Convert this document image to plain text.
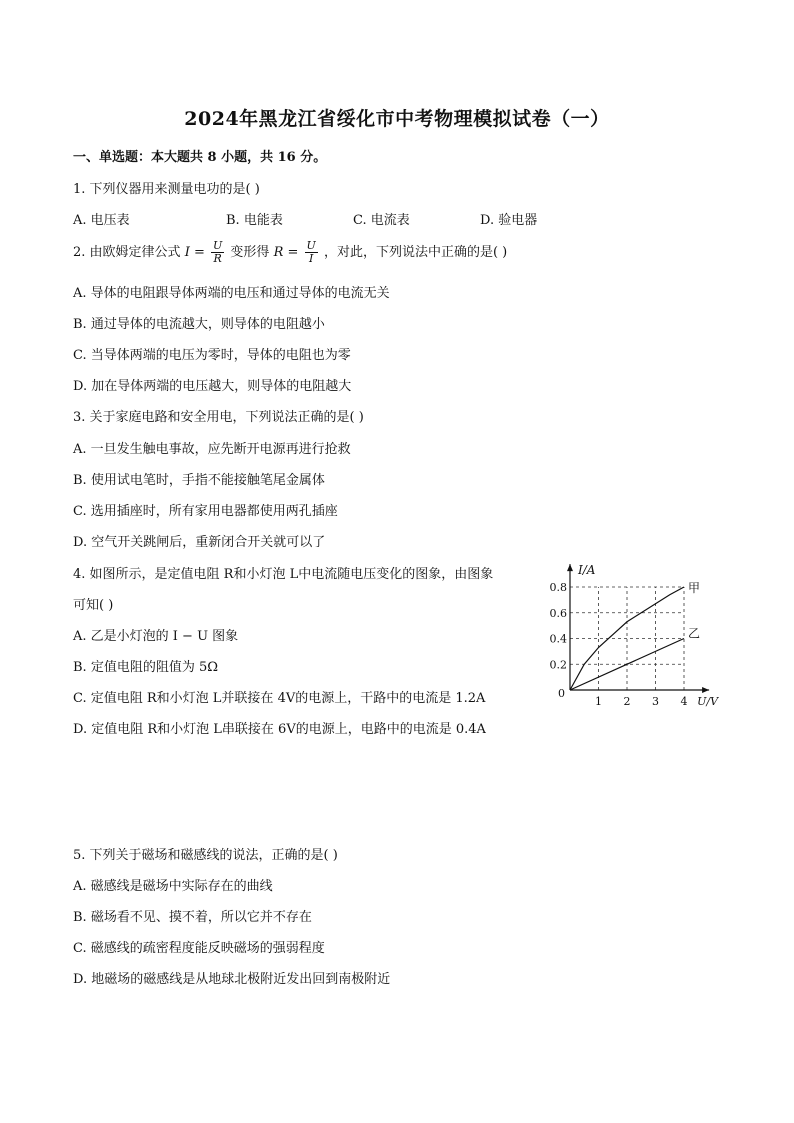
2024年黑龙江省绥化市中考物理模拟试卷（一）
一、单选题：本大题共 8 小题，共 16 分。
1. 下列仪器用来测量电功的是( )
A. 电压表	B. 电能表	C. 电流表	D. 验电器
2. 由欧姆定律公式 $I = \frac{U}{R}$ 变形得 $R = \frac{U}{I}$ ，对此，下列说法中正确的是( )
A. 导体的电阻跟导体两端的电压和通过导体的电流无关
B. 通过导体的电流越大，则导体的电阻越小
C. 当导体两端的电压为零时，导体的电阻也为零
D. 加在导体两端的电压越大，则导体的电阻越大
3. 关于家庭电路和安全用电，下列说法正确的是( )
A. 一旦发生触电事故，应先断开电源再进行抢救
B. 使用试电笔时，手指不能接触笔尾金属体
C. 选用插座时，所有家用电器都使用两孔插座
D. 空气开关跳闸后，重新闭合开关就可以了
4. 如图所示，是定值电阻 R和小灯泡 L中电流随电压变化的图象，由图象
可知( )
A. 乙是小灯泡的 I − U 图象
B. 定值电阻的阻值为 5Ω
C. 定值电阻 R和小灯泡 L并联接在 4V的电源上，干路中的电流是 1.2A
D. 定值电阻 R和小灯泡 L串联接在 6V的电源上，电路中的电流是 0.4A
I/A
U/V
0.2
0.4
0.6
0.8
1 2 3 4
0
甲
乙
5. 下列关于磁场和磁感线的说法，正确的是( )
A. 磁感线是磁场中实际存在的曲线
B. 磁场看不见、摸不着，所以它并不存在
C. 磁感线的疏密程度能反映磁场的强弱程度
D. 地磁场的磁感线是从地球北极附近发出回到南极附近
